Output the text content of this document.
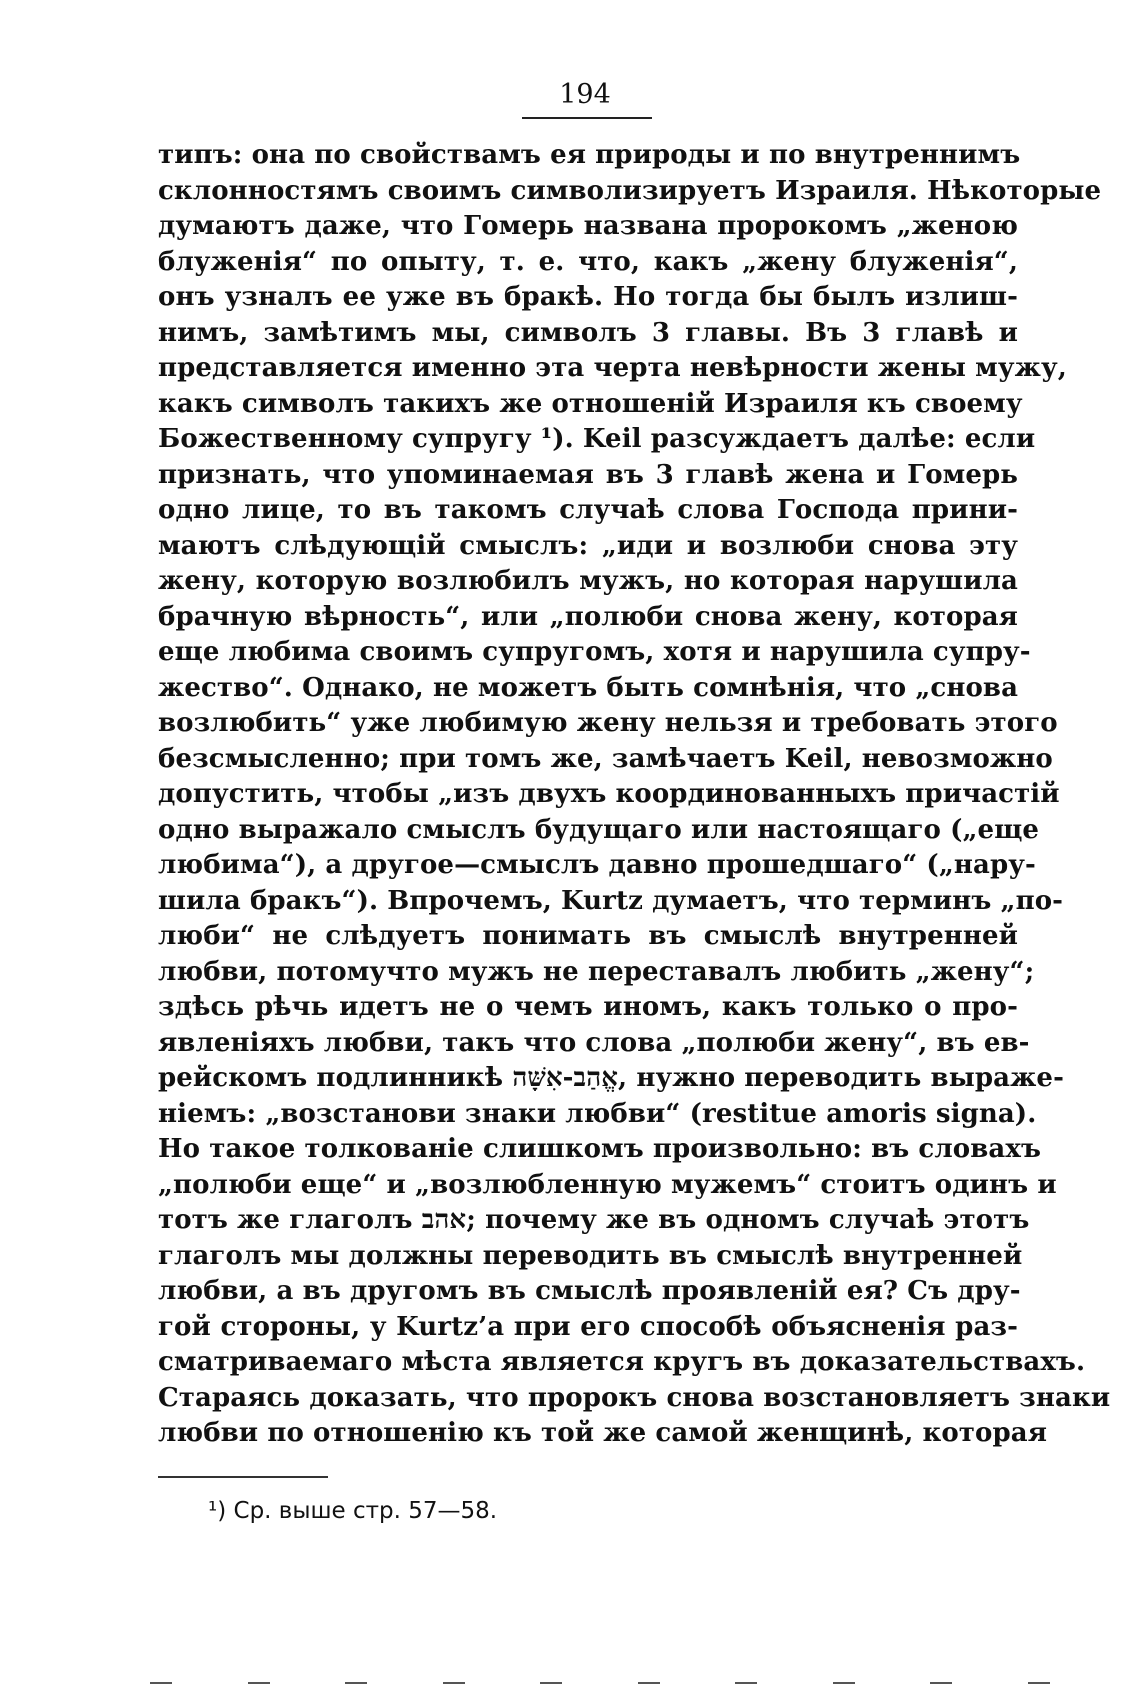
194
типъ: она по свойствамъ ея природы и по внутреннимъ
склонностямъ своимъ символизируетъ Израиля. Нѣкоторые
думаютъ даже, что Гомерь названа пророкомъ „женою
блуженія“ по опыту, т. е. что, какъ „жену блуженія“,
онъ узналъ ее уже въ бракѣ. Но тогда бы былъ излиш-
нимъ, замѣтимъ мы, символъ 3 главы. Въ 3 главѣ и
представляется именно эта черта невѣрности жены мужу,
какъ символъ такихъ же отношеній Израиля къ своему
Божественному супругу ¹). Keil разсуждаетъ далѣе: если
признать, что упоминаемая въ 3 главѣ жена и Гомерь
одно лице, то въ такомъ случаѣ слова Господа прини-
маютъ слѣдующій смыслъ: „иди и возлюби снова эту
жену, которую возлюбилъ мужъ, но которая нарушила
брачную вѣрность“, или „полюби снова жену, которая
еще любима своимъ супругомъ, хотя и нарушила супру-
жество“. Однако, не можетъ быть сомнѣнія, что „снова
возлюбить“ уже любимую жену нельзя и требовать этого
безсмысленно; при томъ же, замѣчаетъ Keil, невозможно
допустить, чтобы „изъ двухъ координованныхъ причастій
одно выражало смыслъ будущаго или настоящаго („еще
любима“), а другое—смыслъ давно прошедшаго“ („нару-
шила бракъ“). Впрочемъ, Kurtz думаетъ, что терминъ „по-
люби“ не слѣдуетъ понимать въ смыслѣ внутренней
любви, потомучто мужъ не переставалъ любить „жену“;
здѣсь рѣчь идетъ не о чемъ иномъ, какъ только о про-
явленіяхъ любви, такъ что слова „полюби жену“, въ ев-
рейскомъ подлинникѣ אֱהַב-אִשָּׁה, нужно переводить выраже-
ніемъ: „возстанови знаки любви“ (restitue amoris signa).
Но такое толкованіе слишкомъ произвольно: въ словахъ
„полюби еще“ и „возлюбленную мужемъ“ стоитъ одинъ и
тотъ же глаголъ אהב; почему же въ одномъ случаѣ этотъ
глаголъ мы должны переводить въ смыслѣ внутренней
любви, а въ другомъ въ смыслѣ проявленій ея? Съ дру-
гой стороны, у Kurtz’а при его способѣ объясненія раз-
сматриваемаго мѣста является кругъ въ доказательствахъ.
Стараясь доказать, что пророкъ снова возстановляетъ знаки
любви по отношенію къ той же самой женщинѣ, которая
¹) Ср. выше стр. 57—58.
